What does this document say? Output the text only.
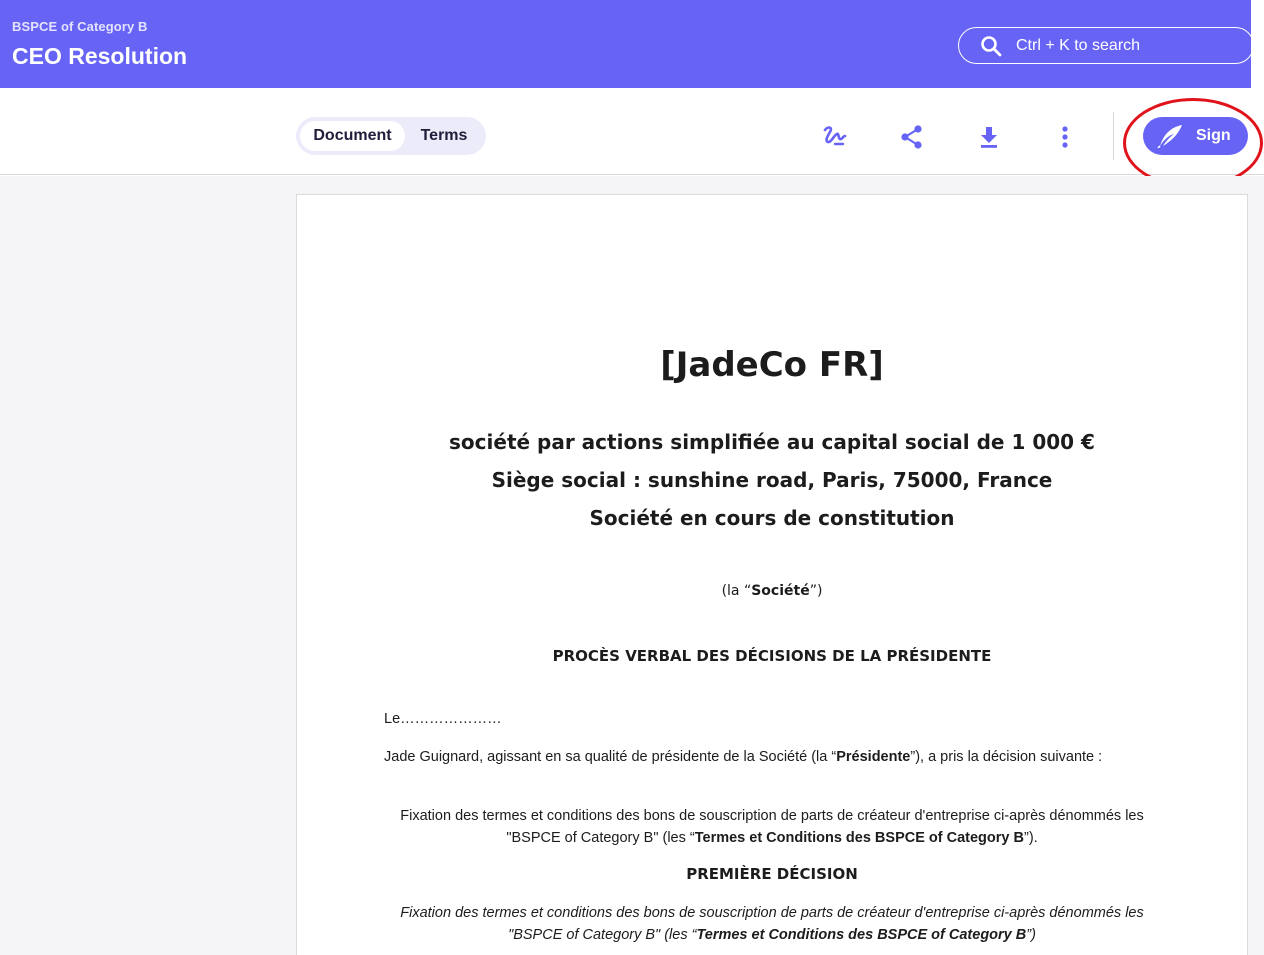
BSPCE of Category B
CEO Resolution	Ctrl + K to search
Document	Terms	Sign
[JadeCo FR]
société par actions simplifiée au capital social de 1 000 €
Siège social : sunshine road, Paris, 75000, France
Société en cours de constitution
(la “Société”)
PROCÈS VERBAL DES DÉCISIONS DE LA PRÉSIDENTE
Le…………………
Jade Guignard, agissant en sa qualité de présidente de la Société (la “Présidente”), a pris la décision suivante :
Fixation des termes et conditions des bons de souscription de parts de créateur d'entreprise ci-après dénommés les "BSPCE of Category B" (les “Termes et Conditions des BSPCE of Category B”).
PREMIÈRE DÉCISION
Fixation des termes et conditions des bons de souscription de parts de créateur d'entreprise ci-après dénommés les "BSPCE of Category B" (les “Termes et Conditions des BSPCE of Category B”)
